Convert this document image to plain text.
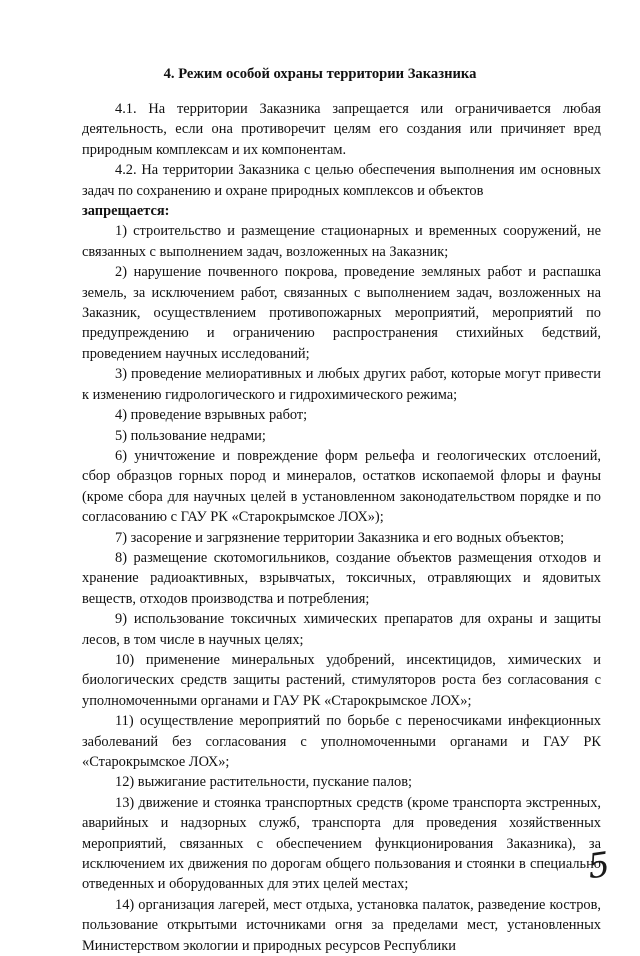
4. Режим особой охраны территории Заказника

4.1. На территории Заказника запрещается или ограничивается любая деятельность, если она противоречит целям его создания или причиняет вред природным комплексам и их компонентам.

4.2. На территории Заказника с целью обеспечения выполнения им основных задач по сохранению и охране природных комплексов и объектов

запрещается:

1) строительство и размещение стационарных и временных сооружений, не связанных с выполнением задач, возложенных на Заказник;

2) нарушение почвенного покрова, проведение земляных работ и распашка земель, за исключением работ, связанных с выполнением задач, возложенных на Заказник, осуществлением противопожарных мероприятий, мероприятий по предупреждению и ограничению распространения стихийных бедствий, проведением научных исследований;

3) проведение мелиоративных и любых других работ, которые могут привести к изменению гидрологического и гидрохимического режима;

4) проведение взрывных работ;

5) пользование недрами;

6) уничтожение и повреждение форм рельефа и геологических отслоений, сбор образцов горных пород и минералов, остатков ископаемой флоры и фауны (кроме сбора для научных целей в установленном законодательством порядке и по согласованию с ГАУ РК «Старокрымское ЛОХ»);

7) засорение и загрязнение территории Заказника и его водных объектов;

8) размещение скотомогильников, создание объектов размещения отходов и хранение радиоактивных, взрывчатых, токсичных, отравляющих и ядовитых веществ, отходов производства и потребления;

9) использование токсичных химических препаратов для охраны и защиты лесов, в том числе в научных целях;

10) применение минеральных удобрений, инсектицидов, химических и биологических средств защиты растений, стимуляторов роста без согласования с уполномоченными органами и ГАУ РК «Старокрымское ЛОХ»;

11) осуществление мероприятий по борьбе с переносчиками инфекционных заболеваний без согласования с уполномоченными органами и ГАУ РК «Старокрымское ЛОХ»;

12) выжигание растительности, пускание палов;

13) движение и стоянка транспортных средств (кроме транспорта экстренных, аварийных и надзорных служб, транспорта для проведения хозяйственных мероприятий, связанных с обеспечением функционирования Заказника), за исключением их движения по дорогам общего пользования и стоянки в специально отведенных и оборудованных для этих целей местах;

14) организация лагерей, мест отдыха, установка палаток, разведение костров, пользование открытыми источниками огня за пределами мест, установленных Министерством экологии и природных ресурсов Республики

5
